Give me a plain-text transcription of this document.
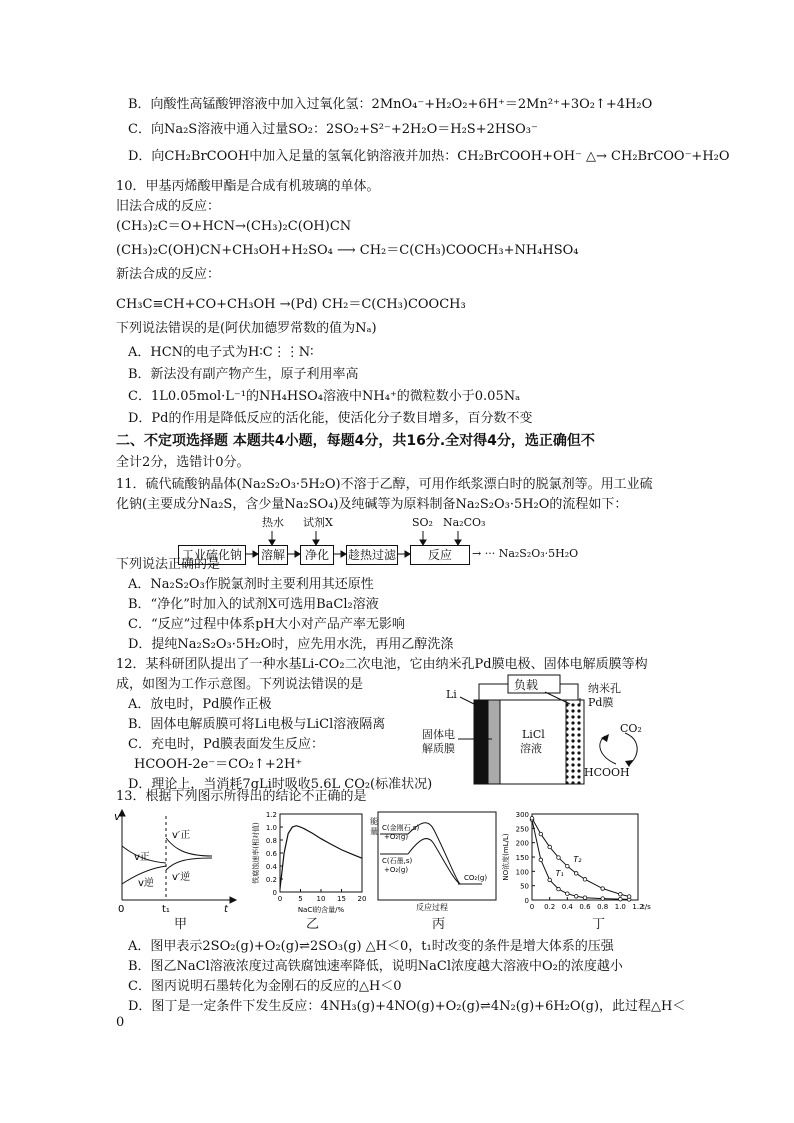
B．向酸性高锰酸钾溶液中加入过氧化氢：2MnO₄⁻+H₂O₂+6H⁺＝2Mn²⁺+3O₂↑+4H₂O
C．向Na₂S溶液中通入过量SO₂：2SO₂+S²⁻+2H₂O＝H₂S+2HSO₃⁻
D．向CH₂BrCOOH中加入足量的氢氧化钠溶液并加热：CH₂BrCOOH+OH⁻ △→ CH₂BrCOO⁻+H₂O
10．甲基丙烯酸甲酯是合成有机玻璃的单体。
旧法合成的反应：
(CH₃)₂C＝O+HCN→(CH₃)₂C(OH)CN
(CH₃)₂C(OH)CN+CH₃OH+H₂SO₄ ⟶ CH₂＝C(CH₃)COOCH₃+NH₄HSO₄
新法合成的反应：
CH₃C≡CH+CO+CH₃OH →(Pd) CH₂＝C(CH₃)COOCH₃
下列说法错误的是(阿伏加德罗常数的值为Nₐ)
A．HCN的电子式为H∶C⋮⋮N∶
B．新法没有副产物产生，原子利用率高
C．1L0.05mol·L⁻¹的NH₄HSO₄溶液中NH₄⁺的微粒数小于0.05Nₐ
D．Pd的作用是降低反应的活化能，使活化分子数目增多，百分数不变
二、不定项选择题 本题共4小题，每题4分，共16分.全对得4分，选正确但不
全计2分，选错计0分。
11．硫代硫酸钠晶体(Na₂S₂O₃·5H₂O)不溶于乙醇，可用作纸浆漂白时的脱氯剂等。用工业硫
化钠(主要成分Na₂S，含少量Na₂SO₄)及纯碱等为原料制备Na₂S₂O₃·5H₂O的流程如下：
热水 试剂X	SO₂ Na₂CO₃
工业硫化钠	溶解	净化	趁热过滤	反应	→ ··· Na₂S₂O₃·5H₂O
下列说法正确的是
A．Na₂S₂O₃作脱氯剂时主要利用其还原性
B．“净化”时加入的试剂X可选用BaCl₂溶液
C．“反应”过程中体系pH大小对产品产率无影响
D．提纯Na₂S₂O₃·5H₂O时，应先用水洗，再用乙醇洗涤
12．某科研团队提出了一种水基Li-CO₂二次电池，它由纳米孔Pd膜电极、固体电解质膜等构
成，如图为工作示意图。下列说法错误的是
A．放电时，Pd膜作正极
B．固体电解质膜可将Li电极与LiCl溶液隔离
C．充电时，Pd膜表面发生反应：
HCOOH-2e⁻＝CO₂↑+2H⁺
D．理论上，当消耗7gLi时吸收5.6L CO₂(标准状况)
负载
Li	纳米孔
Pd膜
固体电
解质膜
LiCl
溶液
CO₂
HCOOH
13．根据下列图示所得出的结论不正确的是
v
v正
v逆
v′正
v′逆
0	t₁	t
0
0.2
0.4
0.6
0.8
1.0
1.2
0 5 10 15 20
NaCl的含量/%
铁腐蚀速率(相对值)	C(金刚石,s)
+O₂(g)
C(石墨,s)
+O₂(g)
CO₂(g)
反应过程
能
量
0
50
100
150
200
250
300
0 0.2 0.4 0.6 0.8 1.0 1.2
t/s
NO浓度(mL/L)	T₁
T₂
甲	乙	丙	丁
A．图甲表示2SO₂(g)+O₂(g)⇌2SO₃(g) △H＜0，t₁时改变的条件是增大体系的压强
B．图乙NaCl溶液浓度过高铁腐蚀速率降低，说明NaCl浓度越大溶液中O₂的浓度越小
C．图丙说明石墨转化为金刚石的反应的△H＜0
D．图丁是一定条件下发生反应：4NH₃(g)+4NO(g)+O₂(g)⇌4N₂(g)+6H₂O(g)，此过程△H＜
0
